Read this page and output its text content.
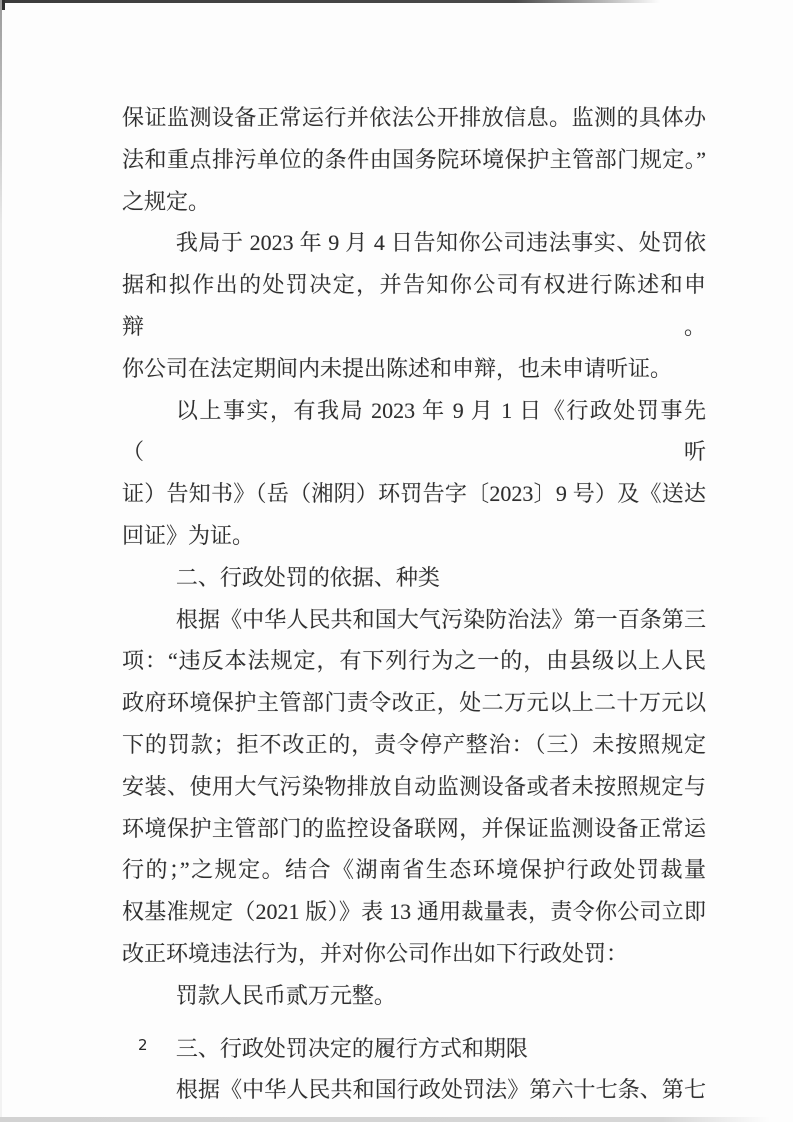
保证监测设备正常运行并依法公开排放信息。监测的具体办
法和重点排污单位的条件由国务院环境保护主管部门规定。”
之规定。
我局于 2023 年 9 月 4 日告知你公司违法事实、处罚依
据和拟作出的处罚决定，并告知你公司有权进行陈述和申辩。
你公司在法定期间内未提出陈述和申辩，也未申请听证。
以上事实，有我局 2023 年 9 月 1 日《行政处罚事先（听
证）告知书》（岳（湘阴）环罚告字〔2023〕9 号）及《送达
回证》为证。
二、行政处罚的依据、种类
根据《中华人民共和国大气污染防治法》第一百条第三
项：“违反本法规定，有下列行为之一的，由县级以上人民
政府环境保护主管部门责令改正，处二万元以上二十万元以
下的罚款；拒不改正的，责令停产整治：（三）未按照规定
安装、使用大气污染物排放自动监测设备或者未按照规定与
环境保护主管部门的监控设备联网，并保证监测设备正常运
行的；”之规定。结合《湖南省生态环境保护行政处罚裁量
权基准规定（2021 版）》表 13 通用裁量表，责令你公司立即
改正环境违法行为，并对你公司作出如下行政处罚：
罚款人民币贰万元整。
三、行政处罚决定的履行方式和期限
根据《中华人民共和国行政处罚法》第六十七条、第七
2
